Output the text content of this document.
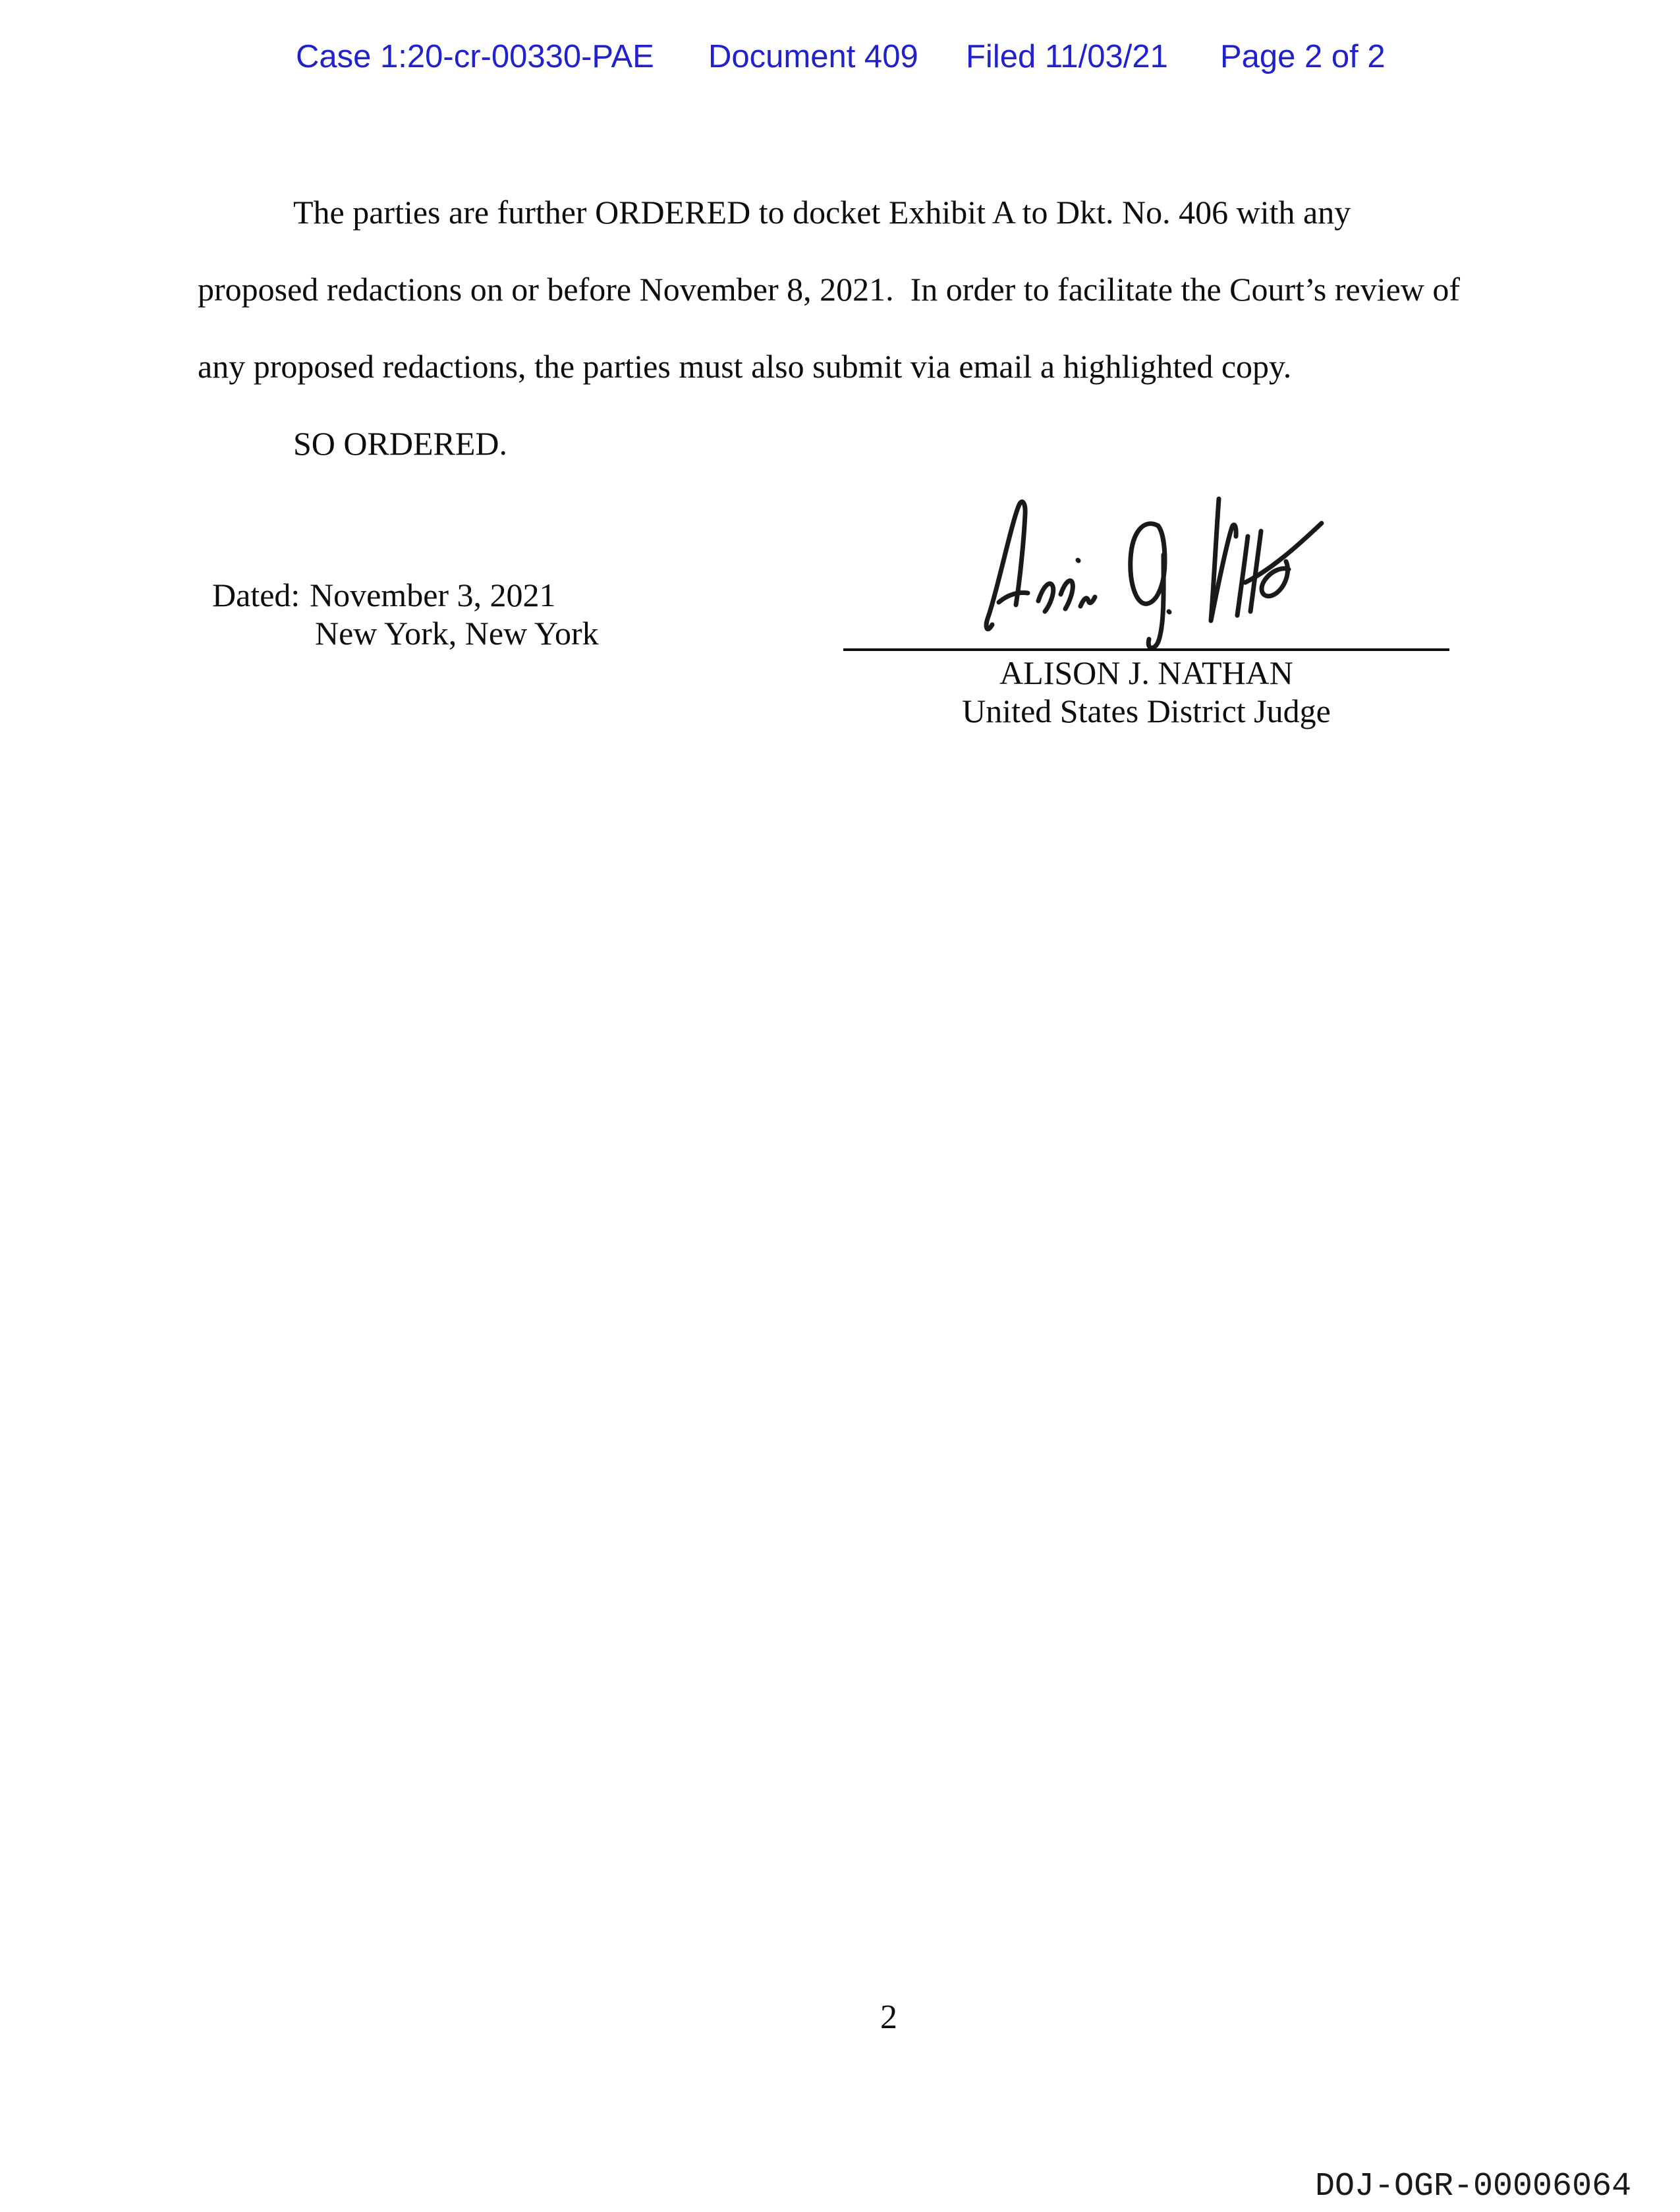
Case 1:20-cr-00330-PAE Document 409 Filed 11/03/21 Page 2 of 2
The parties are further ORDERED to docket Exhibit A to Dkt. No. 406 with any
proposed redactions on or before November 8, 2021.  In order to facilitate the Court’s review of
any proposed redactions, the parties must also submit via email a highlighted copy.
SO ORDERED.
Dated: November 3, 2021
New York, New York
ALISON J. NATHAN
United States District Judge
2
DOJ-OGR-00006064
